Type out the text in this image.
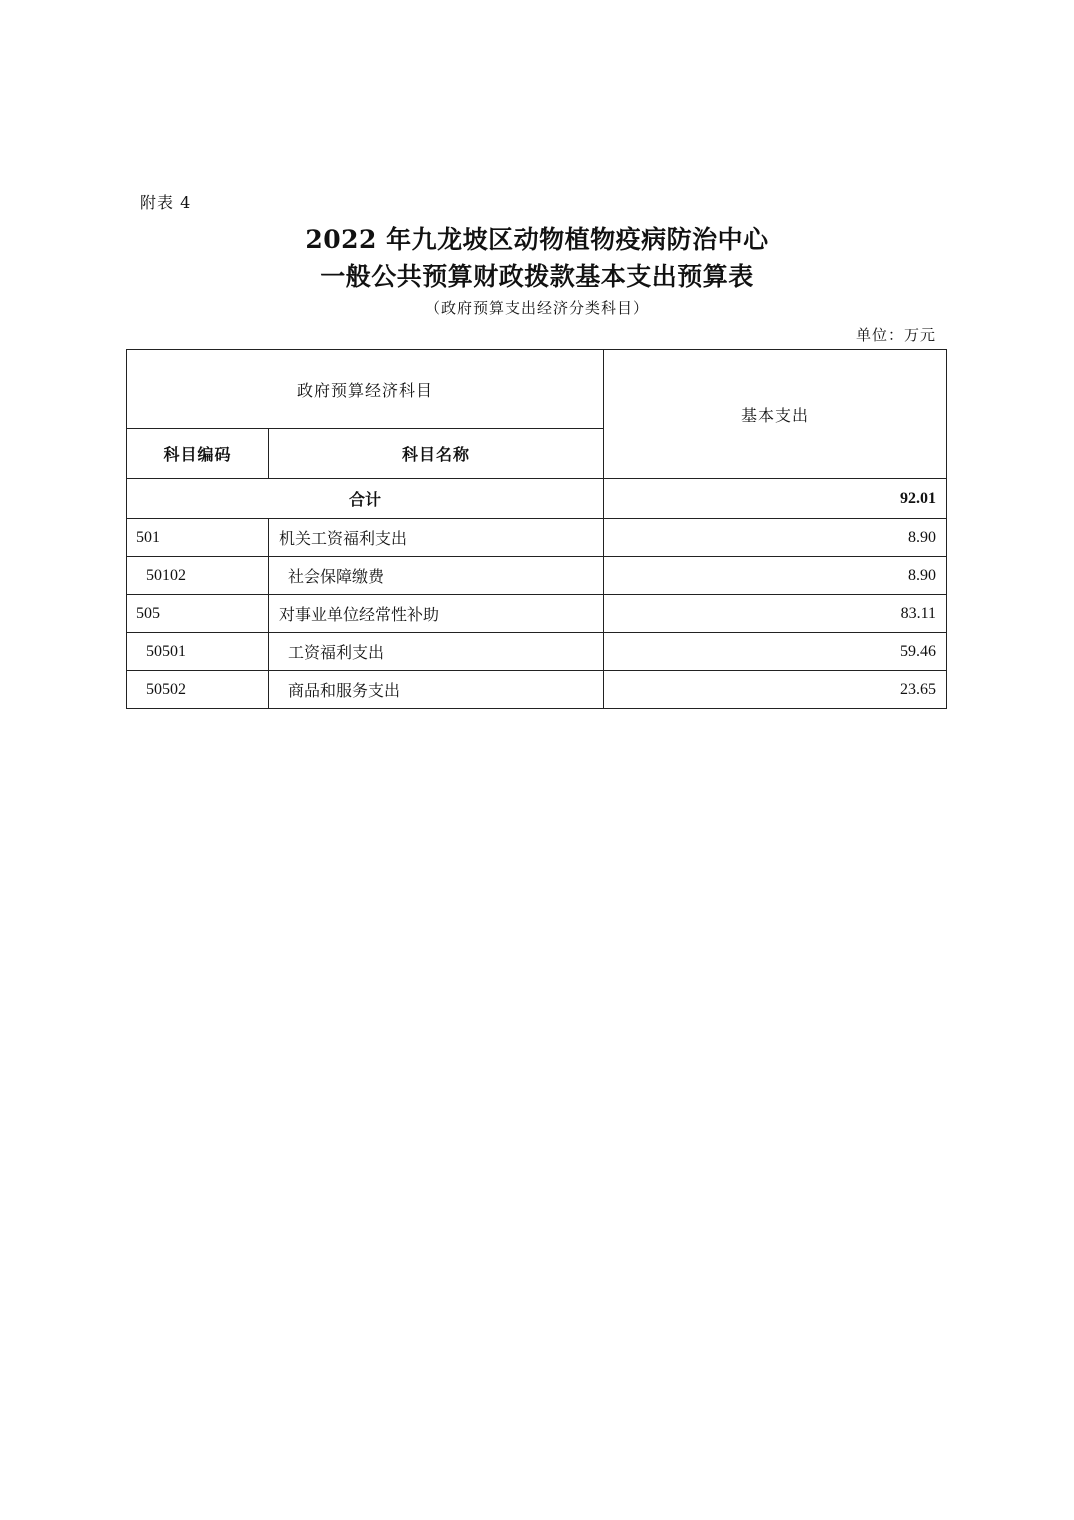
附表 4
2022 年九龙坡区动物植物疫病防治中心
一般公共预算财政拨款基本支出预算表
（政府预算支出经济分类科目）
单位：万元
政府预算经济科目		基本支出
科目编码	科目名称	
合计		92.01
501	机关工资福利支出	8.90
50102	社会保障缴费	8.90
505	对事业单位经常性补助	83.11
50501	工资福利支出	59.46
50502	商品和服务支出	23.65
